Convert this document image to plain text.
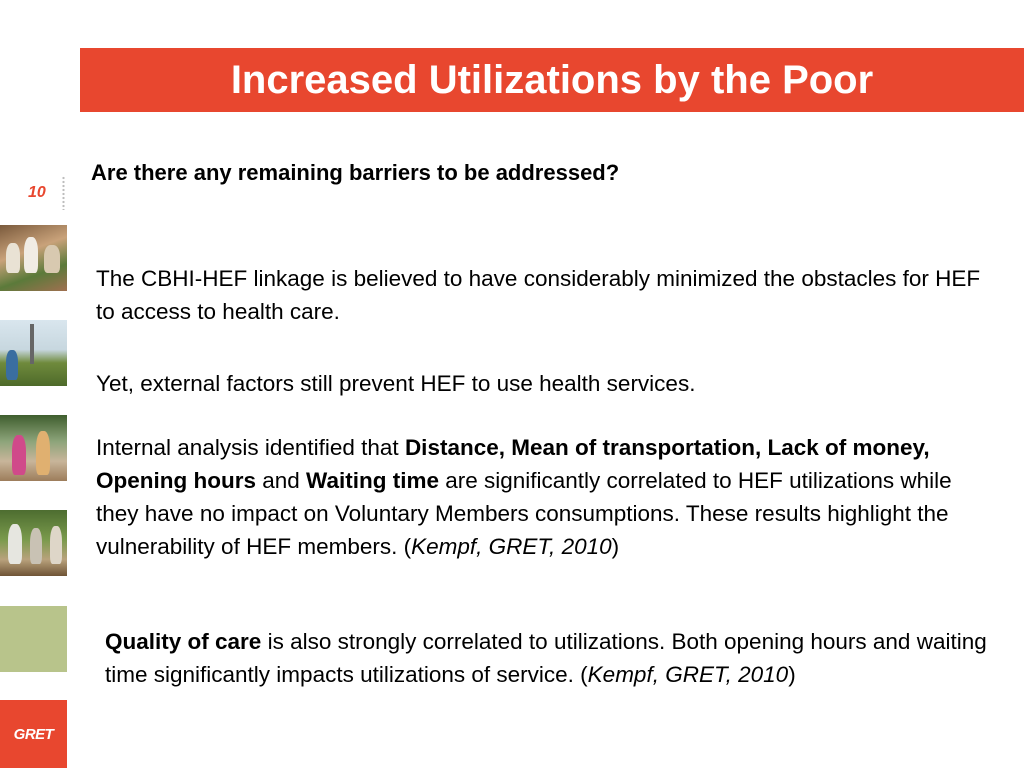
Increased Utilizations by the Poor
10
GRET
Are there any remaining barriers to be addressed?
The CBHI-HEF linkage is believed to have considerably minimized the obstacles for HEF to access to health care.
Yet, external factors still prevent HEF to use health services.
Internal analysis identified that Distance, Mean of transportation, Lack of money, Opening hours and Waiting time are significantly correlated to HEF utilizations while they have no impact on Voluntary Members consumptions. These results highlight the vulnerability of HEF members. (Kempf, GRET, 2010)
Quality of care is also strongly correlated to utilizations. Both opening hours and waiting time significantly impacts utilizations of service. (Kempf, GRET, 2010)
